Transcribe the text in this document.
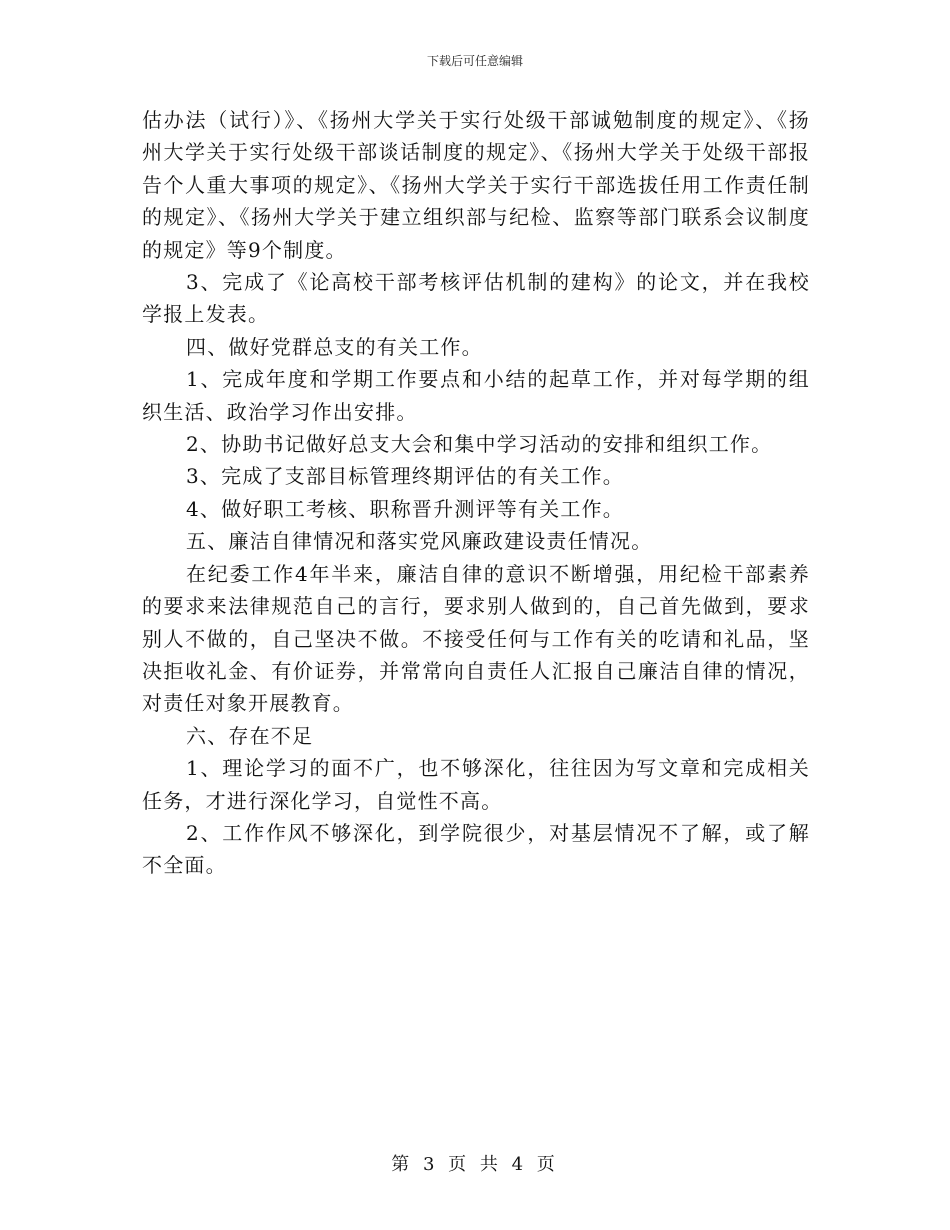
下载后可任意编辑

估办法（试行）》、《扬州大学关于实行处级干部诚勉制度的规定》、《扬州大学关于实行处级干部谈话制度的规定》、《扬州大学关于处级干部报告个人重大事项的规定》、《扬州大学关于实行干部选拔任用工作责任制的规定》、《扬州大学关于建立组织部与纪检、监察等部门联系会议制度的规定》等9个制度。

3、完成了《论高校干部考核评估机制的建构》的论文，并在我校学报上发表。

四、做好党群总支的有关工作。

1、完成年度和学期工作要点和小结的起草工作，并对每学期的组织生活、政治学习作出安排。

2、协助书记做好总支大会和集中学习活动的安排和组织工作。

3、完成了支部目标管理终期评估的有关工作。

4、做好职工考核、职称晋升测评等有关工作。

五、廉洁自律情况和落实党风廉政建设责任情况。

在纪委工作4年半来，廉洁自律的意识不断增强，用纪检干部素养的要求来法律规范自己的言行，要求别人做到的，自己首先做到，要求别人不做的，自己坚决不做。不接受任何与工作有关的吃请和礼品，坚决拒收礼金、有价证券，并常常向自责任人汇报自己廉洁自律的情况，对责任对象开展教育。

六、存在不足

1、理论学习的面不广，也不够深化，往往因为写文章和完成相关任务，才进行深化学习，自觉性不高。

2、工作作风不够深化，到学院很少，对基层情况不了解，或了解不全面。

第 3 页 共 4 页
